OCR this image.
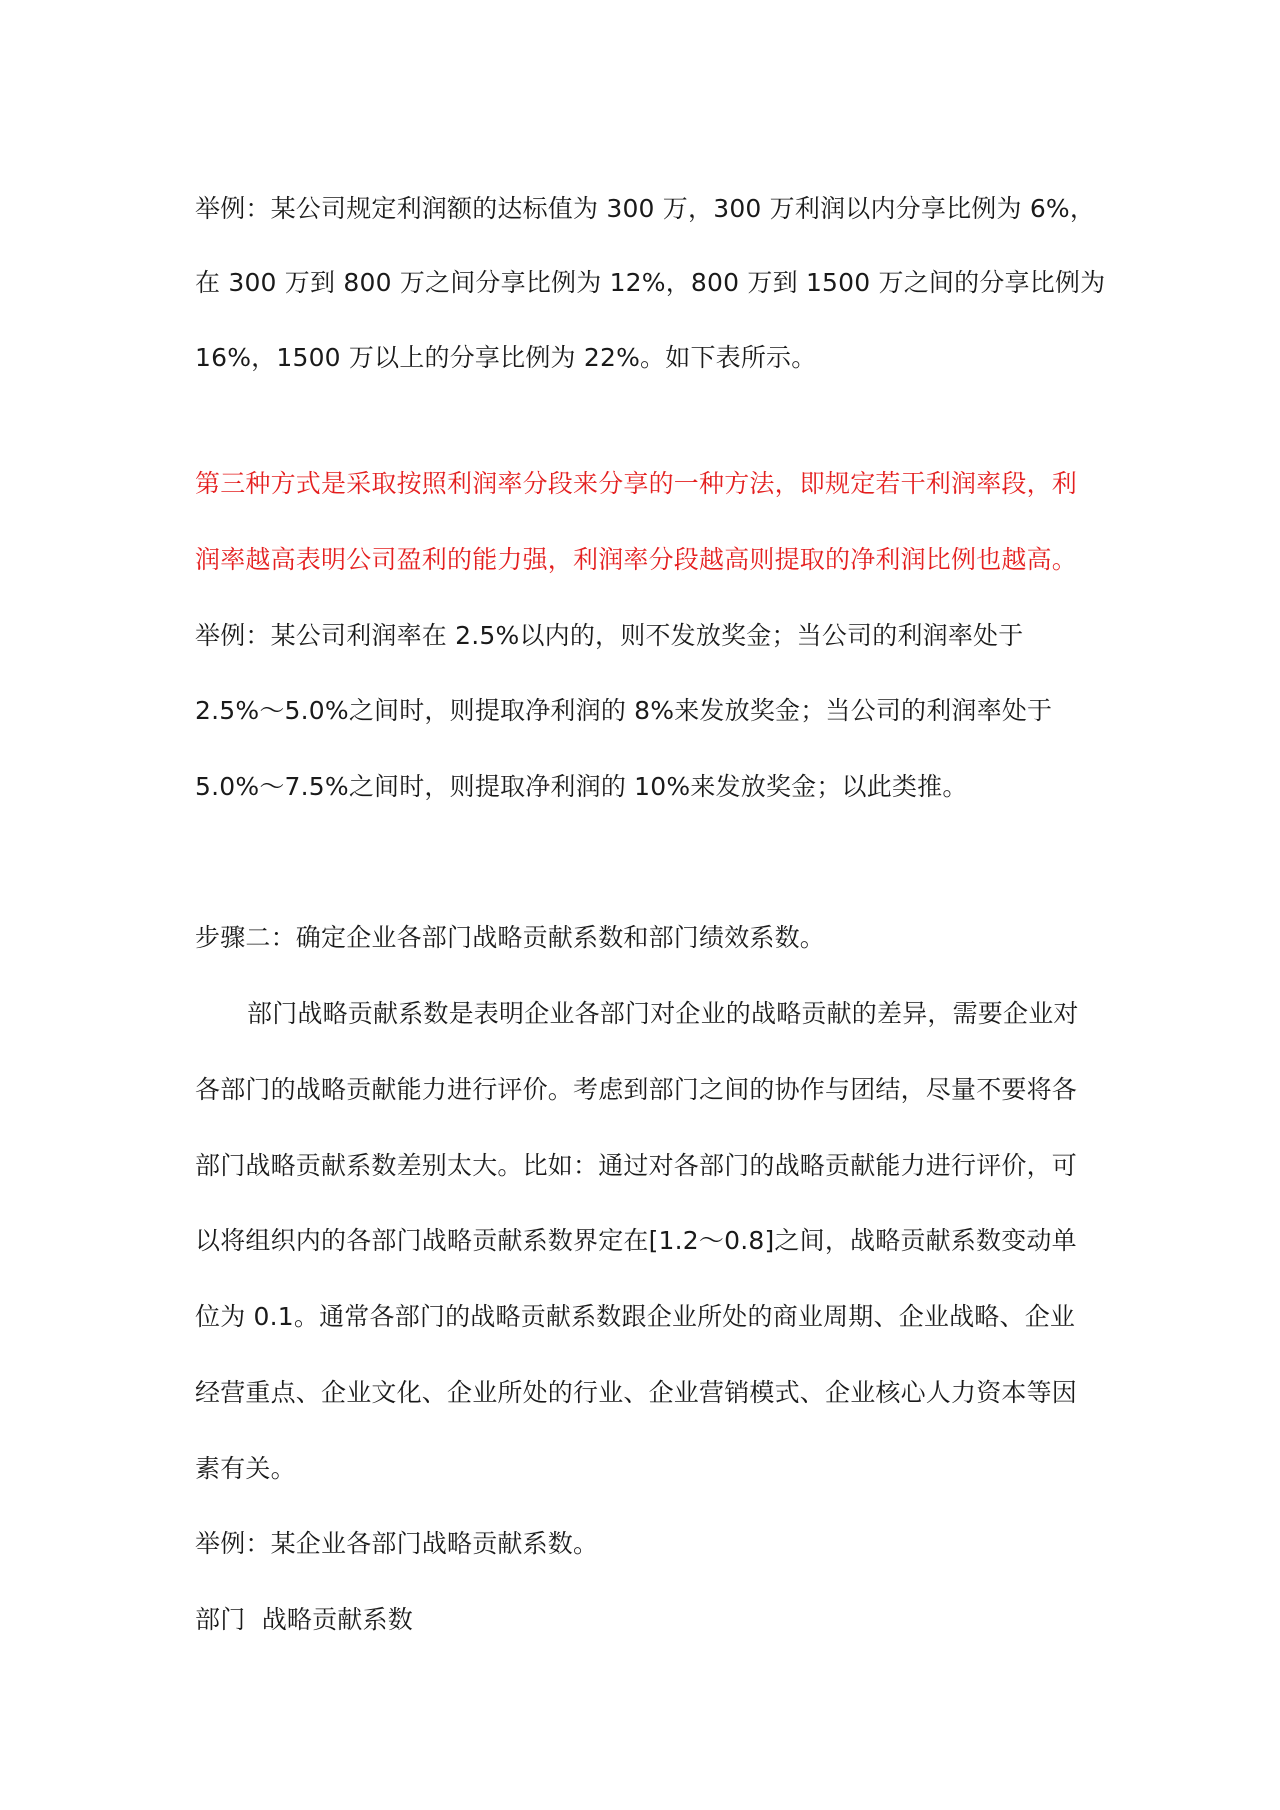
举例：某公司规定利润额的达标值为 300 万，300 万利润以内分享比例为 6%，
在 300 万到 800 万之间分享比例为 12%，800 万到 1500 万之间的分享比例为
16%，1500 万以上的分享比例为 22%。如下表所示。
第三种方式是采取按照利润率分段来分享的一种方法，即规定若干利润率段，利
润率越高表明公司盈利的能力强，利润率分段越高则提取的净利润比例也越高。
举例：某公司利润率在 2.5%以内的，则不发放奖金；当公司的利润率处于
2.5%～5.0%之间时，则提取净利润的 8%来发放奖金；当公司的利润率处于
5.0%～7.5%之间时，则提取净利润的 10%来发放奖金；以此类推。
步骤二：确定企业各部门战略贡献系数和部门绩效系数。
部门战略贡献系数是表明企业各部门对企业的战略贡献的差异，需要企业对
各部门的战略贡献能力进行评价。考虑到部门之间的协作与团结，尽量不要将各
部门战略贡献系数差别太大。比如：通过对各部门的战略贡献能力进行评价，可
以将组织内的各部门战略贡献系数界定在[1.2～0.8]之间，战略贡献系数变动单
位为 0.1。通常各部门的战略贡献系数跟企业所处的商业周期、企业战略、企业
经营重点、企业文化、企业所处的行业、企业营销模式、企业核心人力资本等因
素有关。
举例：某企业各部门战略贡献系数。
部门  战略贡献系数
